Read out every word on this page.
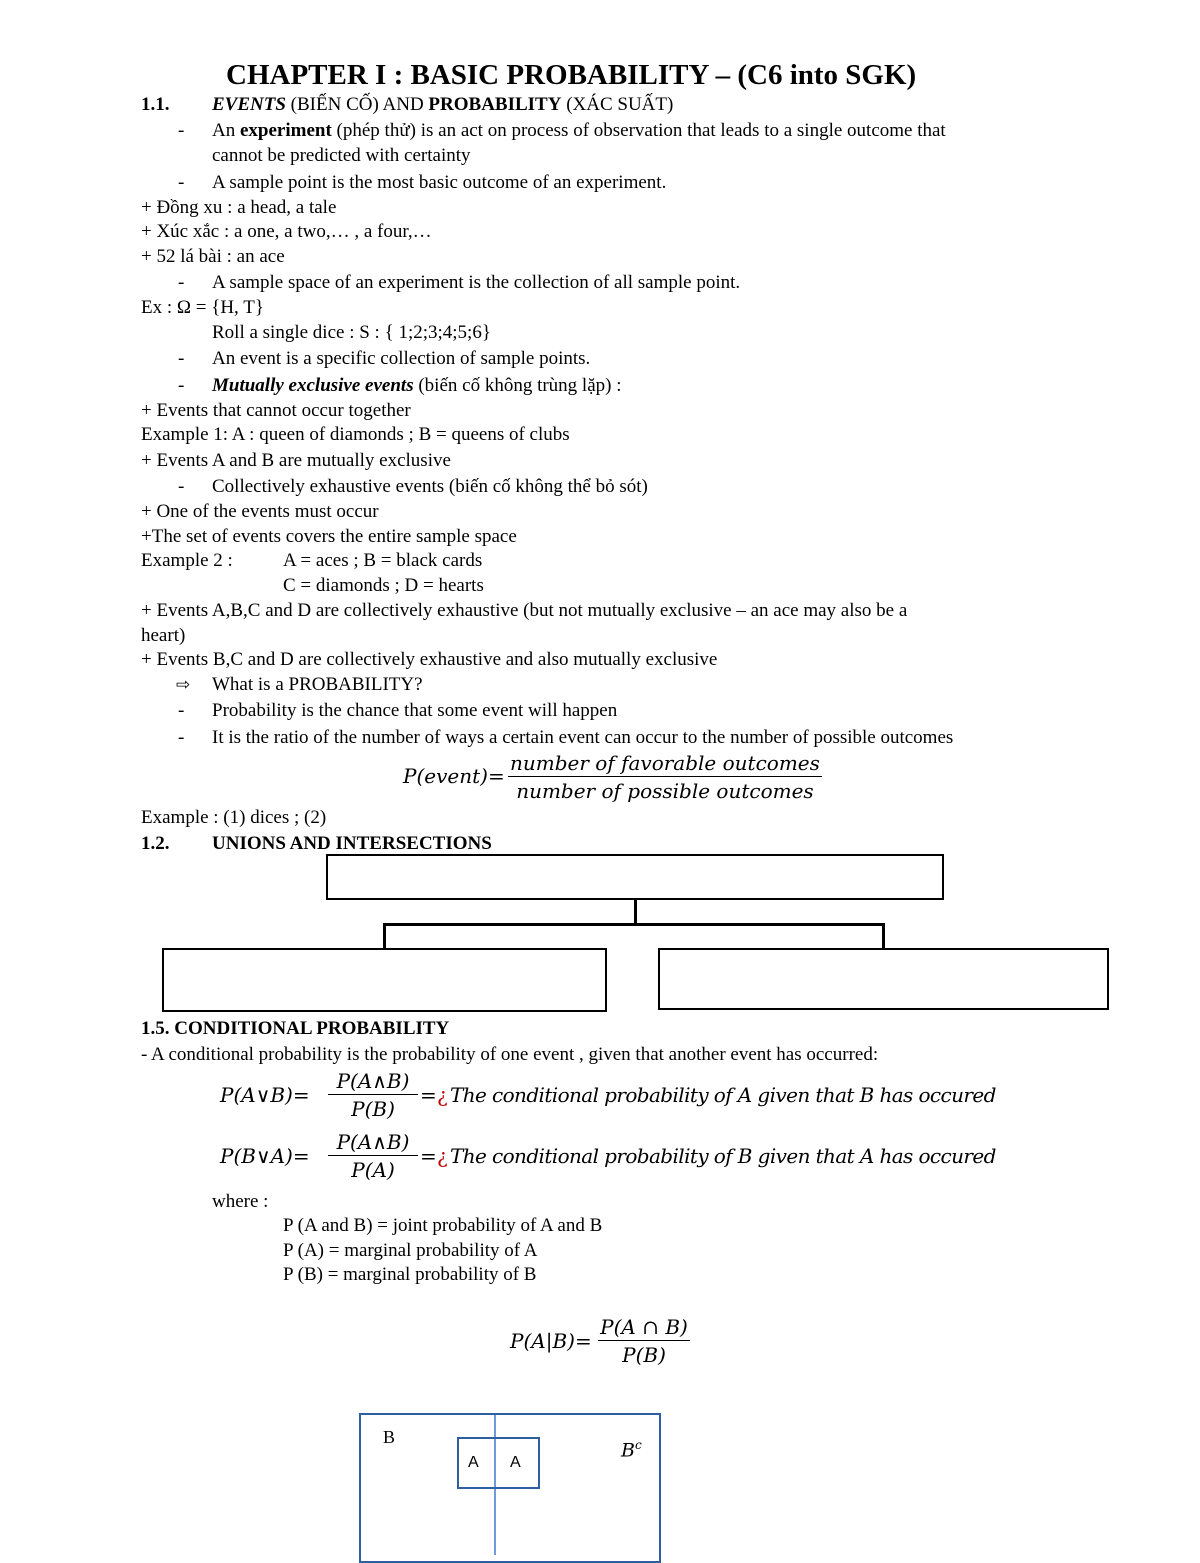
CHAPTER I : BASIC PROBABILITY – (C6 into SGK)
1.1. EVENTS (BIẾN CỐ) AND PROBABILITY (XÁC SUẤT)
- An experiment (phép thử) is an act on process of observation that leads to a single outcome that
cannot be predicted with certainty
- A sample point is the most basic outcome of an experiment.
+ Đồng xu : a head, a tale
+ Xúc xắc : a one, a two,… , a four,…
+ 52 lá bài : an ace
- A sample space of an experiment is the collection of all sample point.
Ex : Ω = {H, T}
Roll a single dice : S : { 1;2;3;4;5;6}
- An event is a specific collection of sample points.
- Mutually exclusive events (biến cố không trùng lặp) :
+ Events that cannot occur together
Example 1: A : queen of diamonds ; B = queens of clubs
+ Events A and B are mutually exclusive
- Collectively exhaustive events (biến cố không thể bỏ sót)
+ One of the events must occur
+The set of events covers the entire sample space
Example 2 :	A = aces ; B = black cards
C = diamonds ; D = hearts
+ Events A,B,C and D are collectively exhaustive (but not mutually exclusive – an ace may also be a
heart)
+ Events B,C and D are collectively exhaustive and also mutually exclusive
⇨ What is a PROBABILITY?
- Probability is the chance that some event will happen
- It is the ratio of the number of ways a certain event can occur to the number of possible outcomes
P(event)=
number of favorable outcomes
number of possible outcomes
Example : (1) dices ; (2)
1.2. UNIONS AND INTERSECTIONS
1.5. CONDITIONAL PROBABILITY
- A conditional probability is the probability of one event , given that another event has occurred:
P(A∨B)= $\frac{P(A\wedge B)}{P(B)}$ = ¿ The conditional probability of A given that B has occured
P(B∨A)= $\frac{P(A\wedge B)}{P(A)}$ = ¿ The conditional probability of B given that A has occured
where :
P (A and B) = joint probability of A and B
P (A) = marginal probability of A
P (B) = marginal probability of B
$P(A|B)= \frac{P(A \cap B)}{P(B)}$
B
$B^c$
A A
